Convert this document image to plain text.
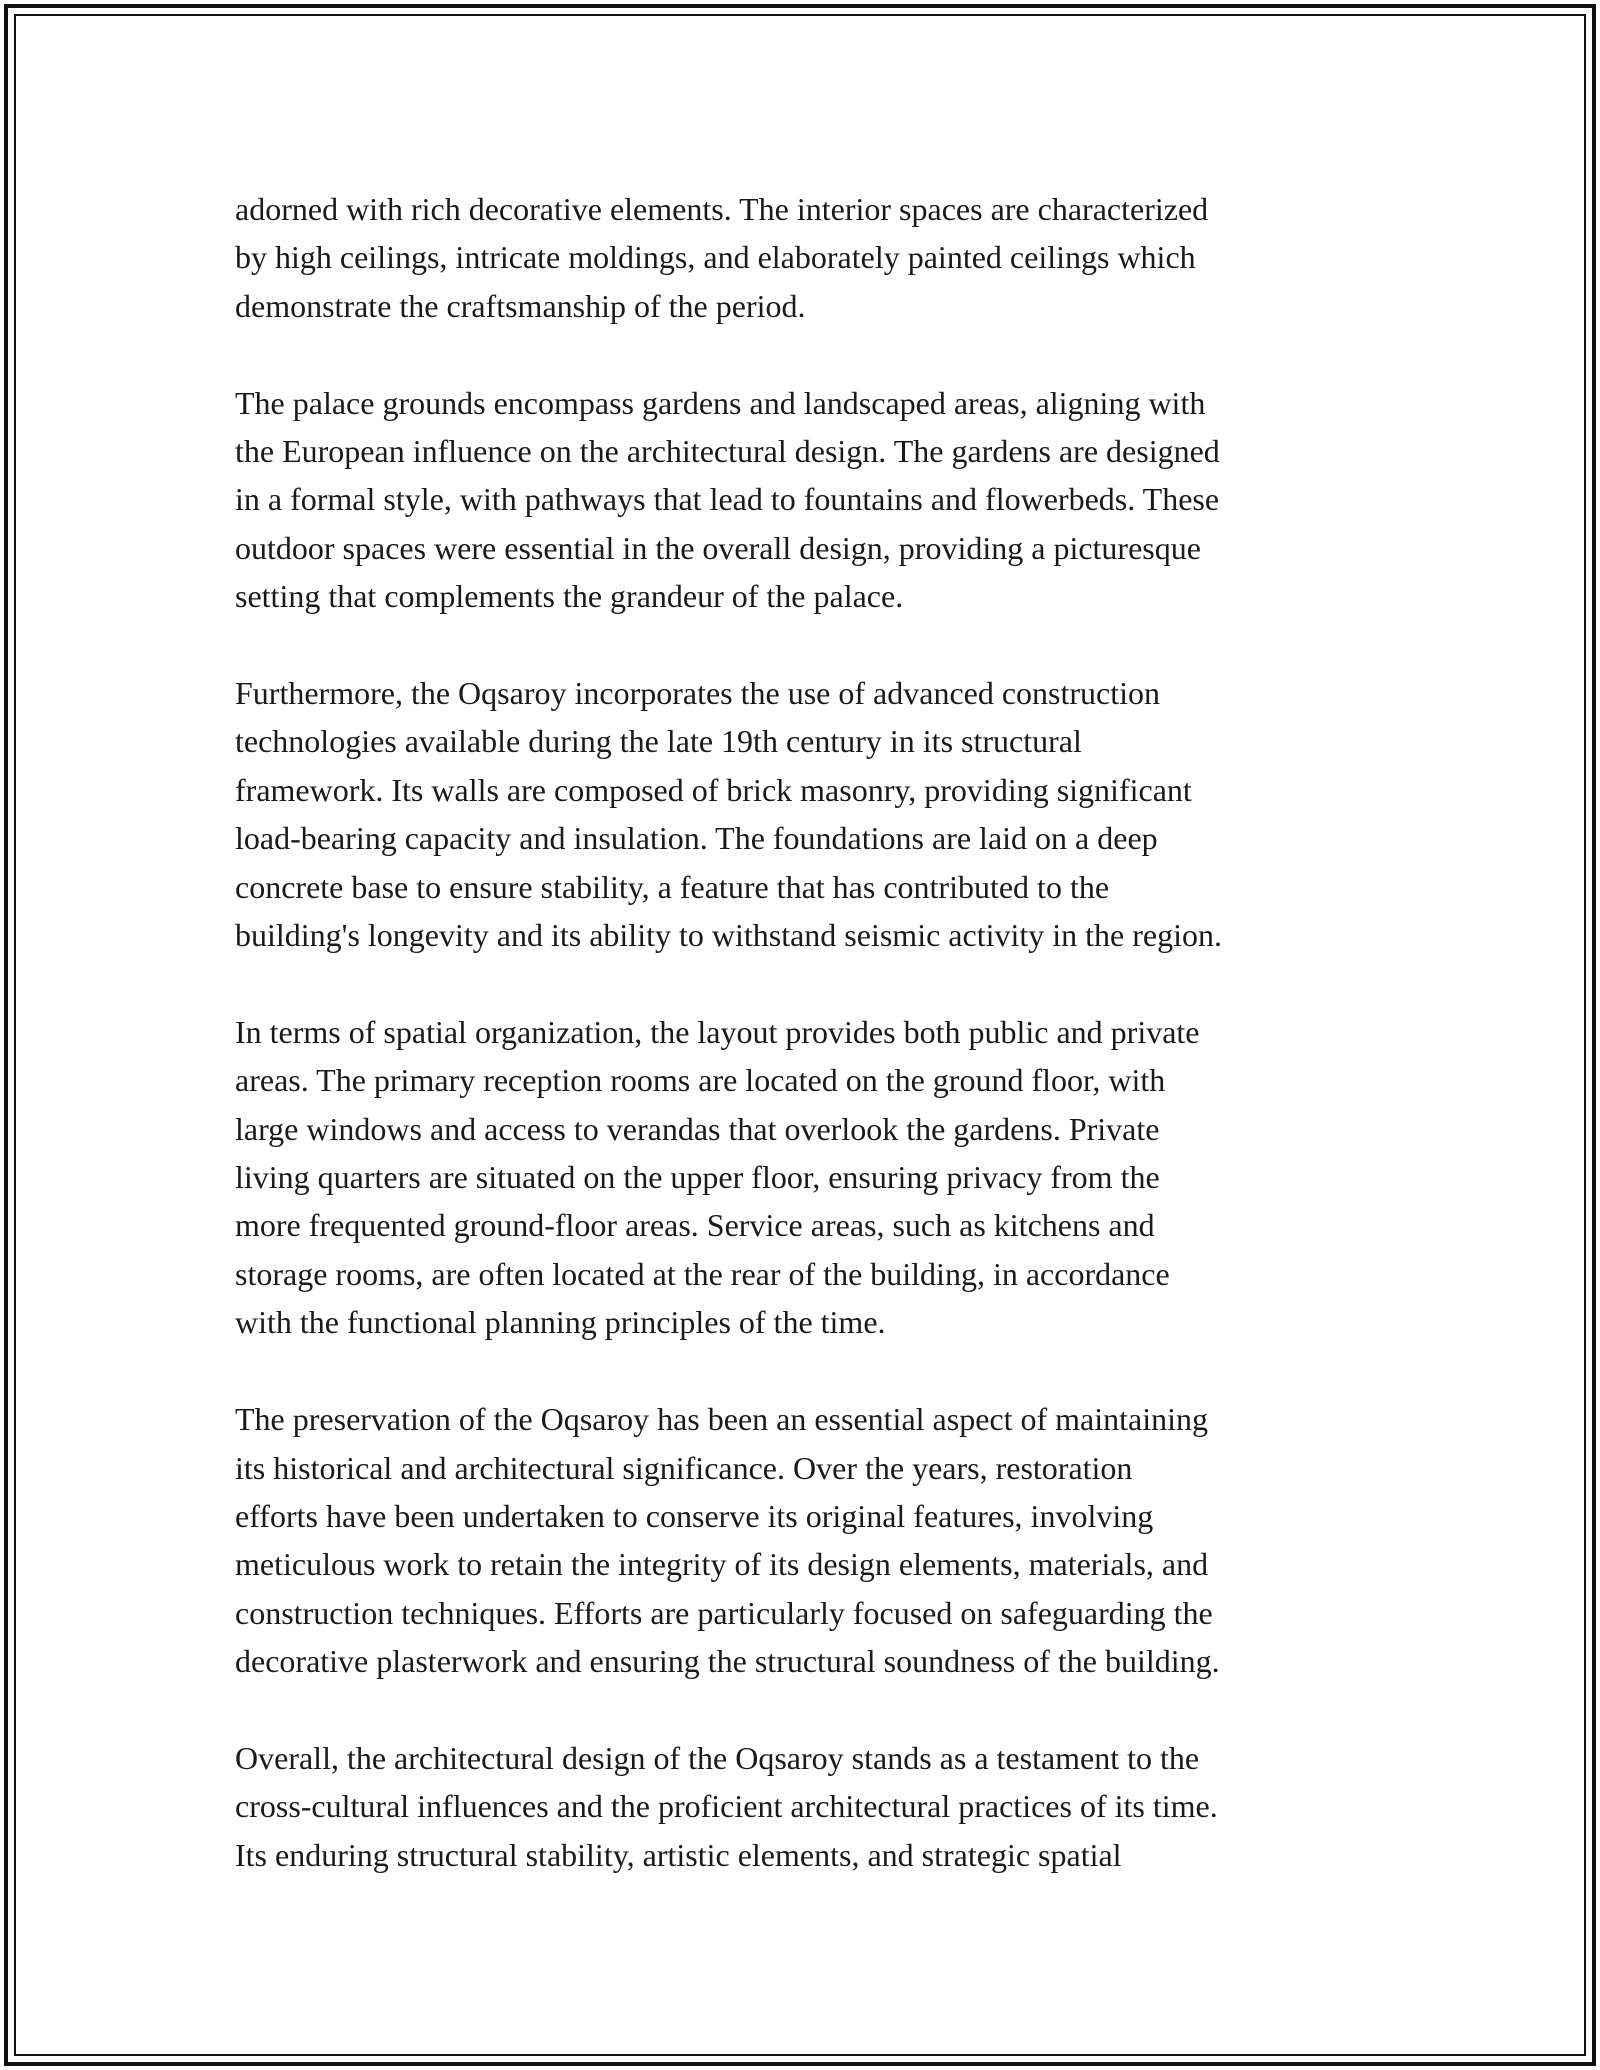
adorned with rich decorative elements. The interior spaces are characterized
by high ceilings, intricate moldings, and elaborately painted ceilings which
demonstrate the craftsmanship of the period.

The palace grounds encompass gardens and landscaped areas, aligning with
the European influence on the architectural design. The gardens are designed
in a formal style, with pathways that lead to fountains and flowerbeds. These
outdoor spaces were essential in the overall design, providing a picturesque
setting that complements the grandeur of the palace.

Furthermore, the Oqsaroy incorporates the use of advanced construction
technologies available during the late 19th century in its structural
framework. Its walls are composed of brick masonry, providing significant
load-bearing capacity and insulation. The foundations are laid on a deep
concrete base to ensure stability, a feature that has contributed to the
building's longevity and its ability to withstand seismic activity in the region.

In terms of spatial organization, the layout provides both public and private
areas. The primary reception rooms are located on the ground floor, with
large windows and access to verandas that overlook the gardens. Private
living quarters are situated on the upper floor, ensuring privacy from the
more frequented ground-floor areas. Service areas, such as kitchens and
storage rooms, are often located at the rear of the building, in accordance
with the functional planning principles of the time.

The preservation of the Oqsaroy has been an essential aspect of maintaining
its historical and architectural significance. Over the years, restoration
efforts have been undertaken to conserve its original features, involving
meticulous work to retain the integrity of its design elements, materials, and
construction techniques. Efforts are particularly focused on safeguarding the
decorative plasterwork and ensuring the structural soundness of the building.

Overall, the architectural design of the Oqsaroy stands as a testament to the
cross-cultural influences and the proficient architectural practices of its time.
Its enduring structural stability, artistic elements, and strategic spatial
